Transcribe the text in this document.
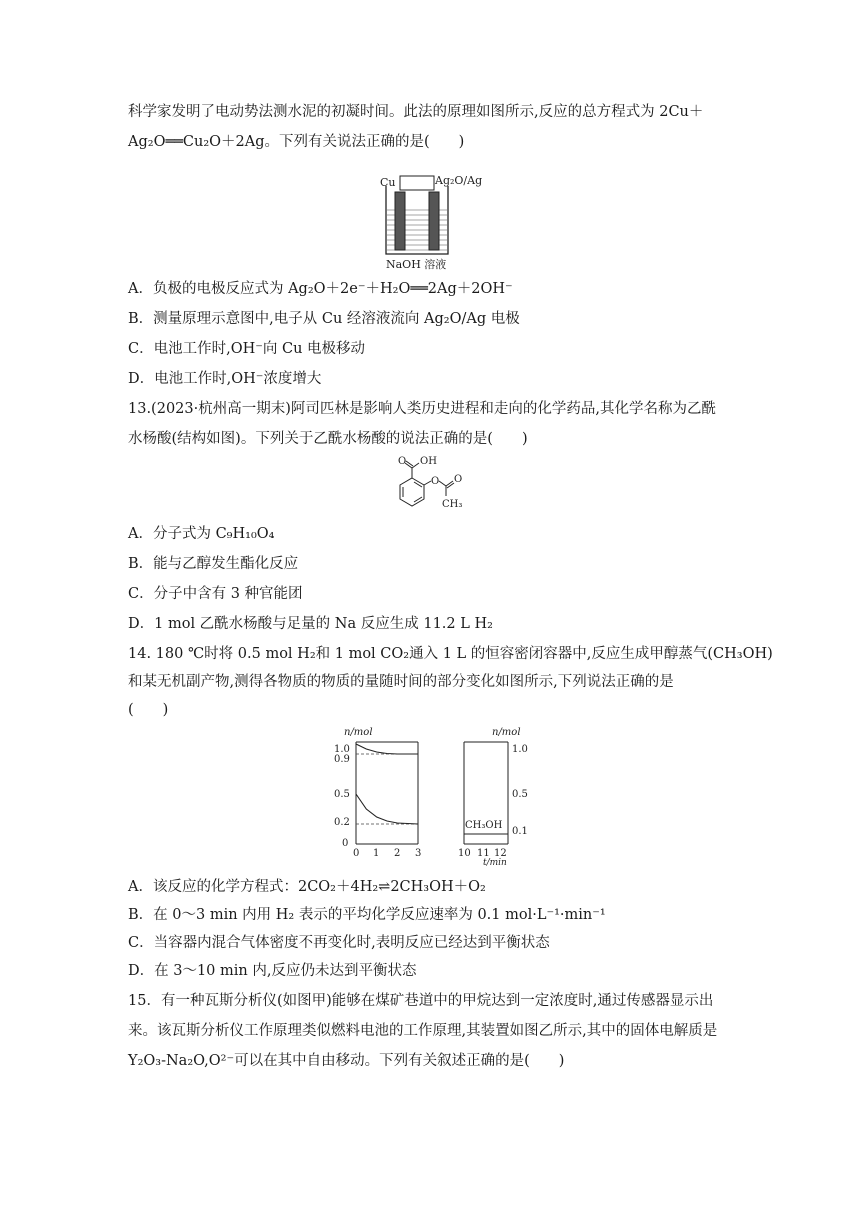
科学家发明了电动势法测水泥的初凝时间。此法的原理如图所示,反应的总方程式为 2Cu＋
Ag₂O══Cu₂O＋2Ag。下列有关说法正确的是(　　)
Cu	Ag₂O/Ag
NaOH 溶液
A．负极的电极反应式为 Ag₂O＋2e⁻＋H₂O══2Ag＋2OH⁻
B．测量原理示意图中,电子从 Cu 经溶液流向 Ag₂O/Ag 电极
C．电池工作时,OH⁻向 Cu 电极移动
D．电池工作时,OH⁻浓度增大
13.(2023·杭州高一期末)阿司匹林是影响人类历史进程和走向的化学药品,其化学名称为乙酰
水杨酸(结构如图)。下列关于乙酰水杨酸的说法正确的是(　　)
O OH
O O
CH₃
A．分子式为 C₉H₁₀O₄
B．能与乙醇发生酯化反应
C．分子中含有 3 种官能团
D．1 mol 乙酰水杨酸与足量的 Na 反应生成 11.2 L H₂
14. 180 ℃时将 0.5 mol H₂和 1 mol CO₂通入 1 L 的恒容密闭容器中,反应生成甲醇蒸气(CH₃OH)
和某无机副产物,测得各物质的物质的量随时间的部分变化如图所示,下列说法正确的是
(　　)
n/mol	n/mol
1.0
0.9
0.5
0.2
0
1.0
0.5
0.1
0 1 2 3	10 11 12
t/min
CH₃OH
A．该反应的化学方程式：2CO₂＋4H₂⇌2CH₃OH＋O₂
B．在 0～3 min 内用 H₂ 表示的平均化学反应速率为 0.1 mol·L⁻¹·min⁻¹
C．当容器内混合气体密度不再变化时,表明反应已经达到平衡状态
D．在 3～10 min 内,反应仍未达到平衡状态
15．有一种瓦斯分析仪(如图甲)能够在煤矿巷道中的甲烷达到一定浓度时,通过传感器显示出
来。该瓦斯分析仪工作原理类似燃料电池的工作原理,其装置如图乙所示,其中的固体电解质是
Y₂O₃-Na₂O,O²⁻可以在其中自由移动。下列有关叙述正确的是(　　)
